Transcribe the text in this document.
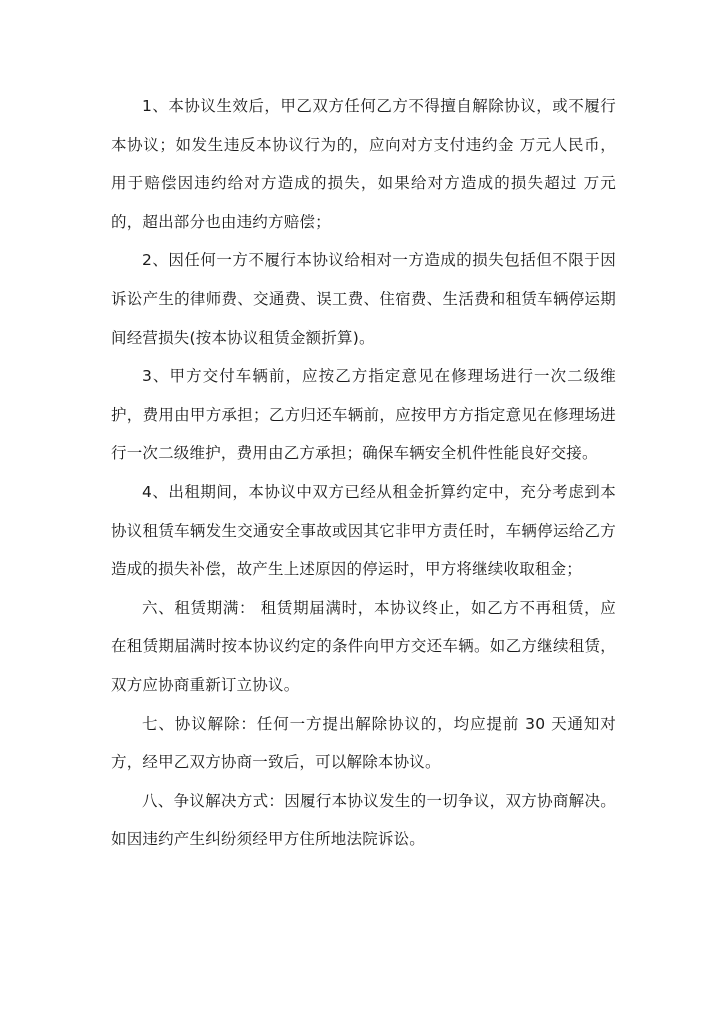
1、本协议生效后，甲乙双方任何乙方不得擅自解除协议，或不履行本协议；如发生违反本协议行为的，应向对方支付违约金 万元人民币，用于赔偿因违约给对方造成的损失，如果给对方造成的损失超过 万元的，超出部分也由违约方赔偿；

2、因任何一方不履行本协议给相对一方造成的损失包括但不限于因诉讼产生的律师费、交通费、误工费、住宿费、生活费和租赁车辆停运期间经营损失(按本协议租赁金额折算)。

3、甲方交付车辆前，应按乙方指定意见在修理场进行一次二级维护，费用由甲方承担；乙方归还车辆前，应按甲方方指定意见在修理场进行一次二级维护，费用由乙方承担；确保车辆安全机件性能良好交接。

4、出租期间，本协议中双方已经从租金折算约定中，充分考虑到本协议租赁车辆发生交通安全事故或因其它非甲方责任时，车辆停运给乙方造成的损失补偿，故产生上述原因的停运时，甲方将继续收取租金；

六、租赁期满： 租赁期届满时，本协议终止，如乙方不再租赁，应在租赁期届满时按本协议约定的条件向甲方交还车辆。如乙方继续租赁，双方应协商重新订立协议。

七、协议解除：任何一方提出解除协议的，均应提前 30 天通知对方，经甲乙双方协商一致后，可以解除本协议。

八、争议解决方式：因履行本协议发生的一切争议，双方协商解决。如因违约产生纠纷须经甲方住所地法院诉讼。
